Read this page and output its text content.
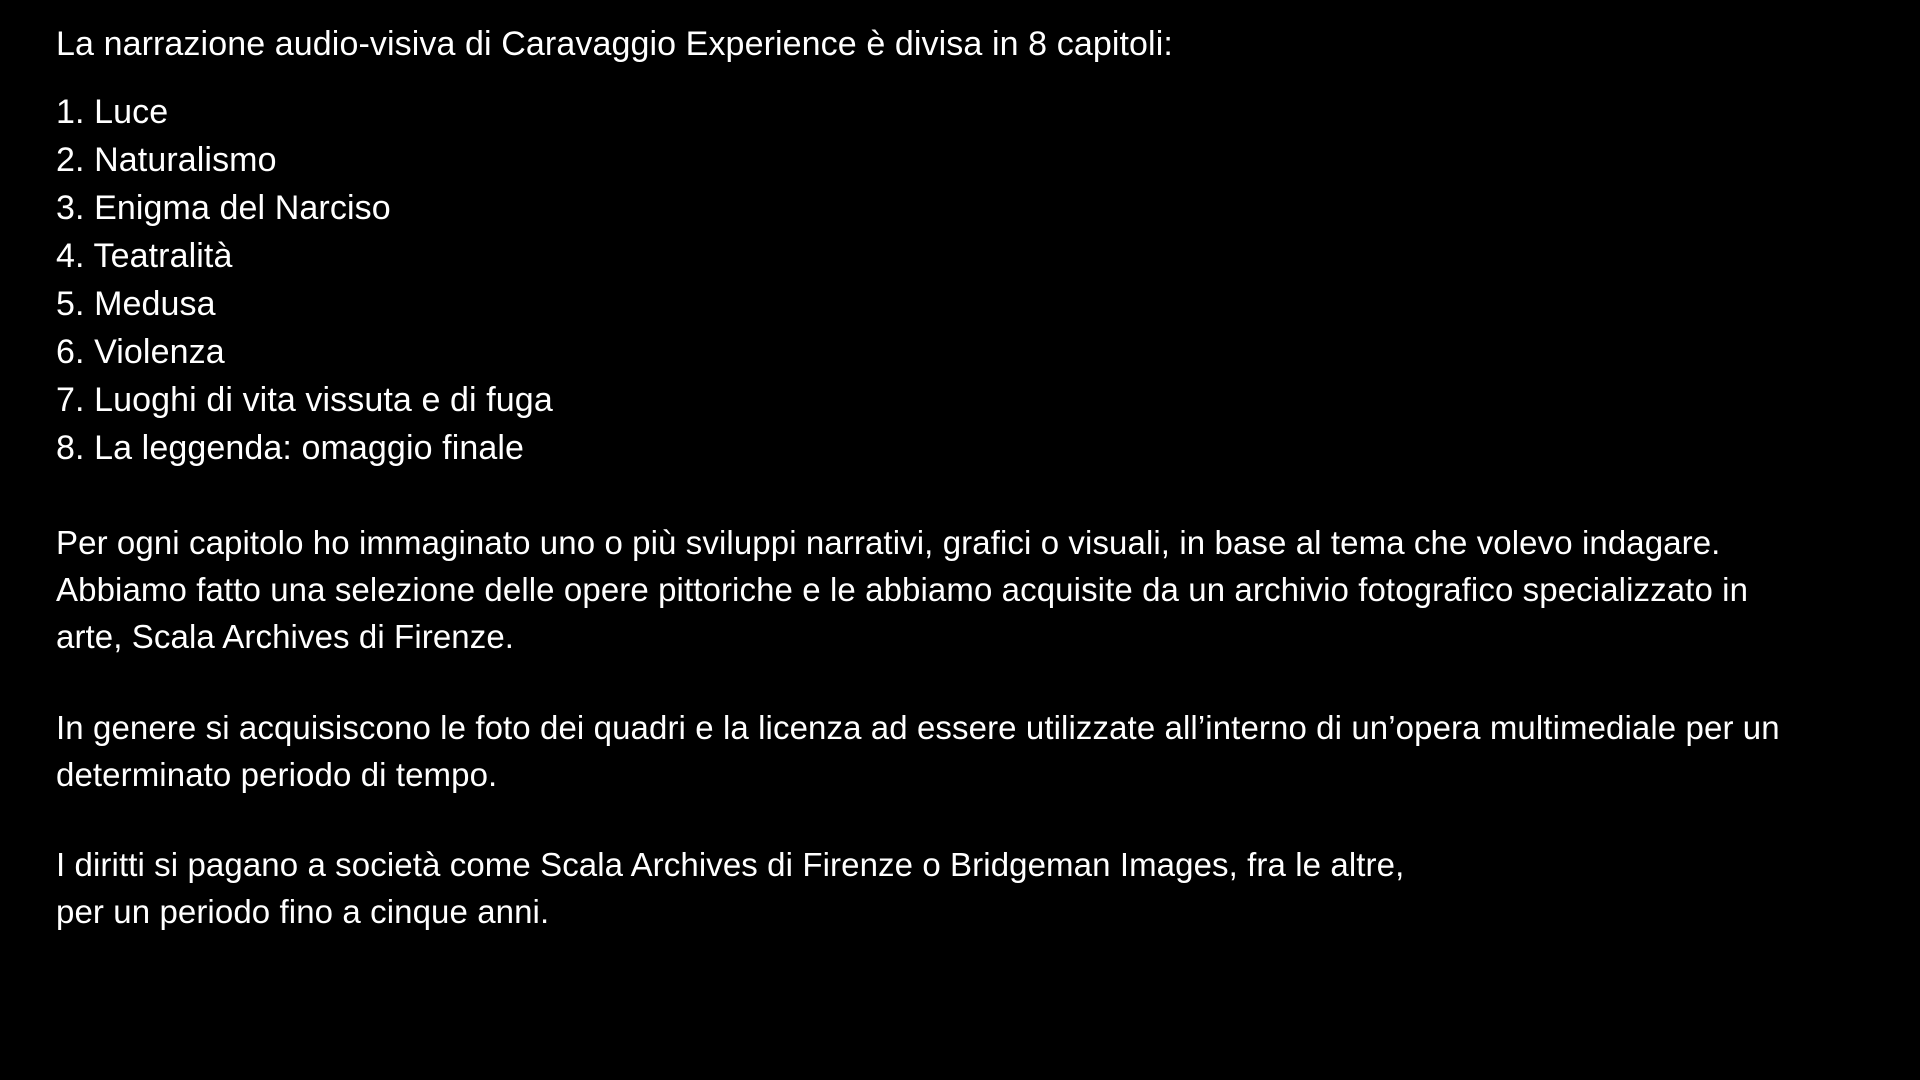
La narrazione audio-visiva di Caravaggio Experience è divisa in 8 capitoli:

1. Luce
2. Naturalismo
3. Enigma del Narciso
4. Teatralità
5. Medusa
6. Violenza
7. Luoghi di vita vissuta e di fuga
8. La leggenda: omaggio finale

Per ogni capitolo ho immaginato uno o più sviluppi narrativi, grafici o visuali, in base al tema che volevo indagare. Abbiamo fatto una selezione delle opere pittoriche e le abbiamo acquisite da un archivio fotografico specializzato in arte, Scala Archives di Firenze.

In genere si acquisiscono le foto dei quadri e la licenza ad essere utilizzate all’interno di un’opera multimediale per un determinato periodo di tempo.

I diritti si pagano a società come Scala Archives di Firenze o Bridgeman Images, fra le altre,
per un periodo fino a cinque anni.
